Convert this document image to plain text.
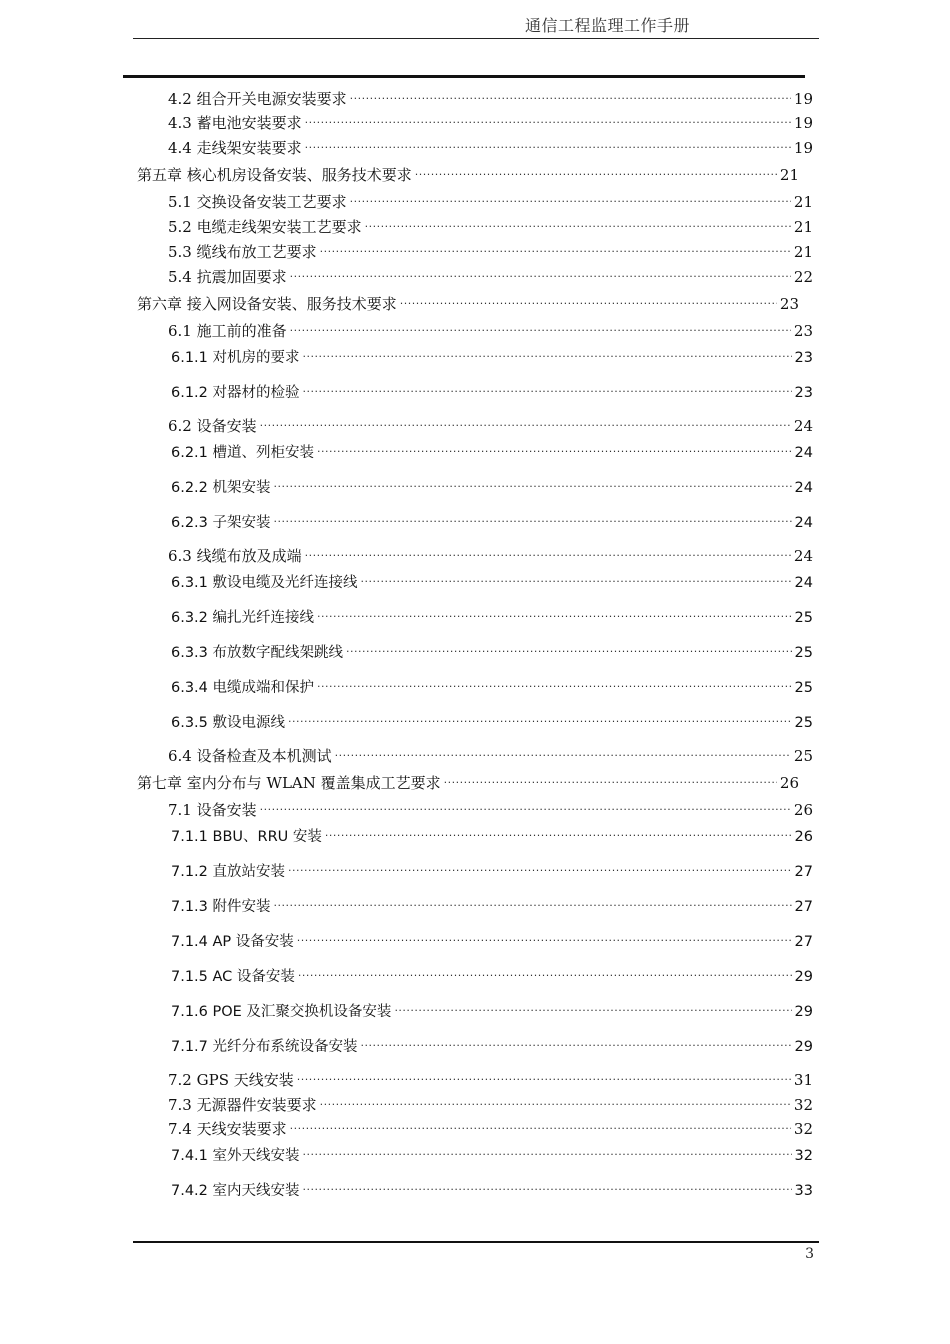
通信工程监理工作手册
4.2 组合开关电源安装要求 .....	19
4.3 蓄电池安装要求 .....	19
4.4 走线架安装要求 .....	19
第五章 核心机房设备安装、服务技术要求 .....	21
5.1 交换设备安装工艺要求 .....	21
5.2 电缆走线架安装工艺要求 .....	21
5.3 缆线布放工艺要求 .....	21
5.4 抗震加固要求 .....	22
第六章 接入网设备安装、服务技术要求 .....	23
6.1 施工前的准备 .....	23
6.1.1 对机房的要求 .....	23
6.1.2 对器材的检验 .....	23
6.2 设备安装 .....	24
6.2.1 槽道、列柜安装 .....	24
6.2.2 机架安装 .....	24
6.2.3 子架安装 .....	24
6.3 线缆布放及成端 .....	24
6.3.1 敷设电缆及光纤连接线 .....	24
6.3.2 编扎光纤连接线 .....	25
6.3.3 布放数字配线架跳线 .....	25
6.3.4 电缆成端和保护 .....	25
6.3.5 敷设电源线 .....	25
6.4 设备检查及本机测试 .....	25
第七章 室内分布与 WLAN 覆盖集成工艺要求 .....	26
7.1 设备安装 .....	26
7.1.1 BBU、RRU 安装 .....	26
7.1.2 直放站安装 .....	27
7.1.3 附件安装 .....	27
7.1.4 AP 设备安装 .....	27
7.1.5 AC 设备安装 .....	29
7.1.6 POE 及汇聚交换机设备安装 .....	29
7.1.7 光纤分布系统设备安装 .....	29
7.2 GPS 天线安装 .....	31
7.3 无源器件安装要求 .....	32
7.4 天线安装要求 .....	32
7.4.1 室外天线安装 .....	32
7.4.2 室内天线安装 .....	33
3
